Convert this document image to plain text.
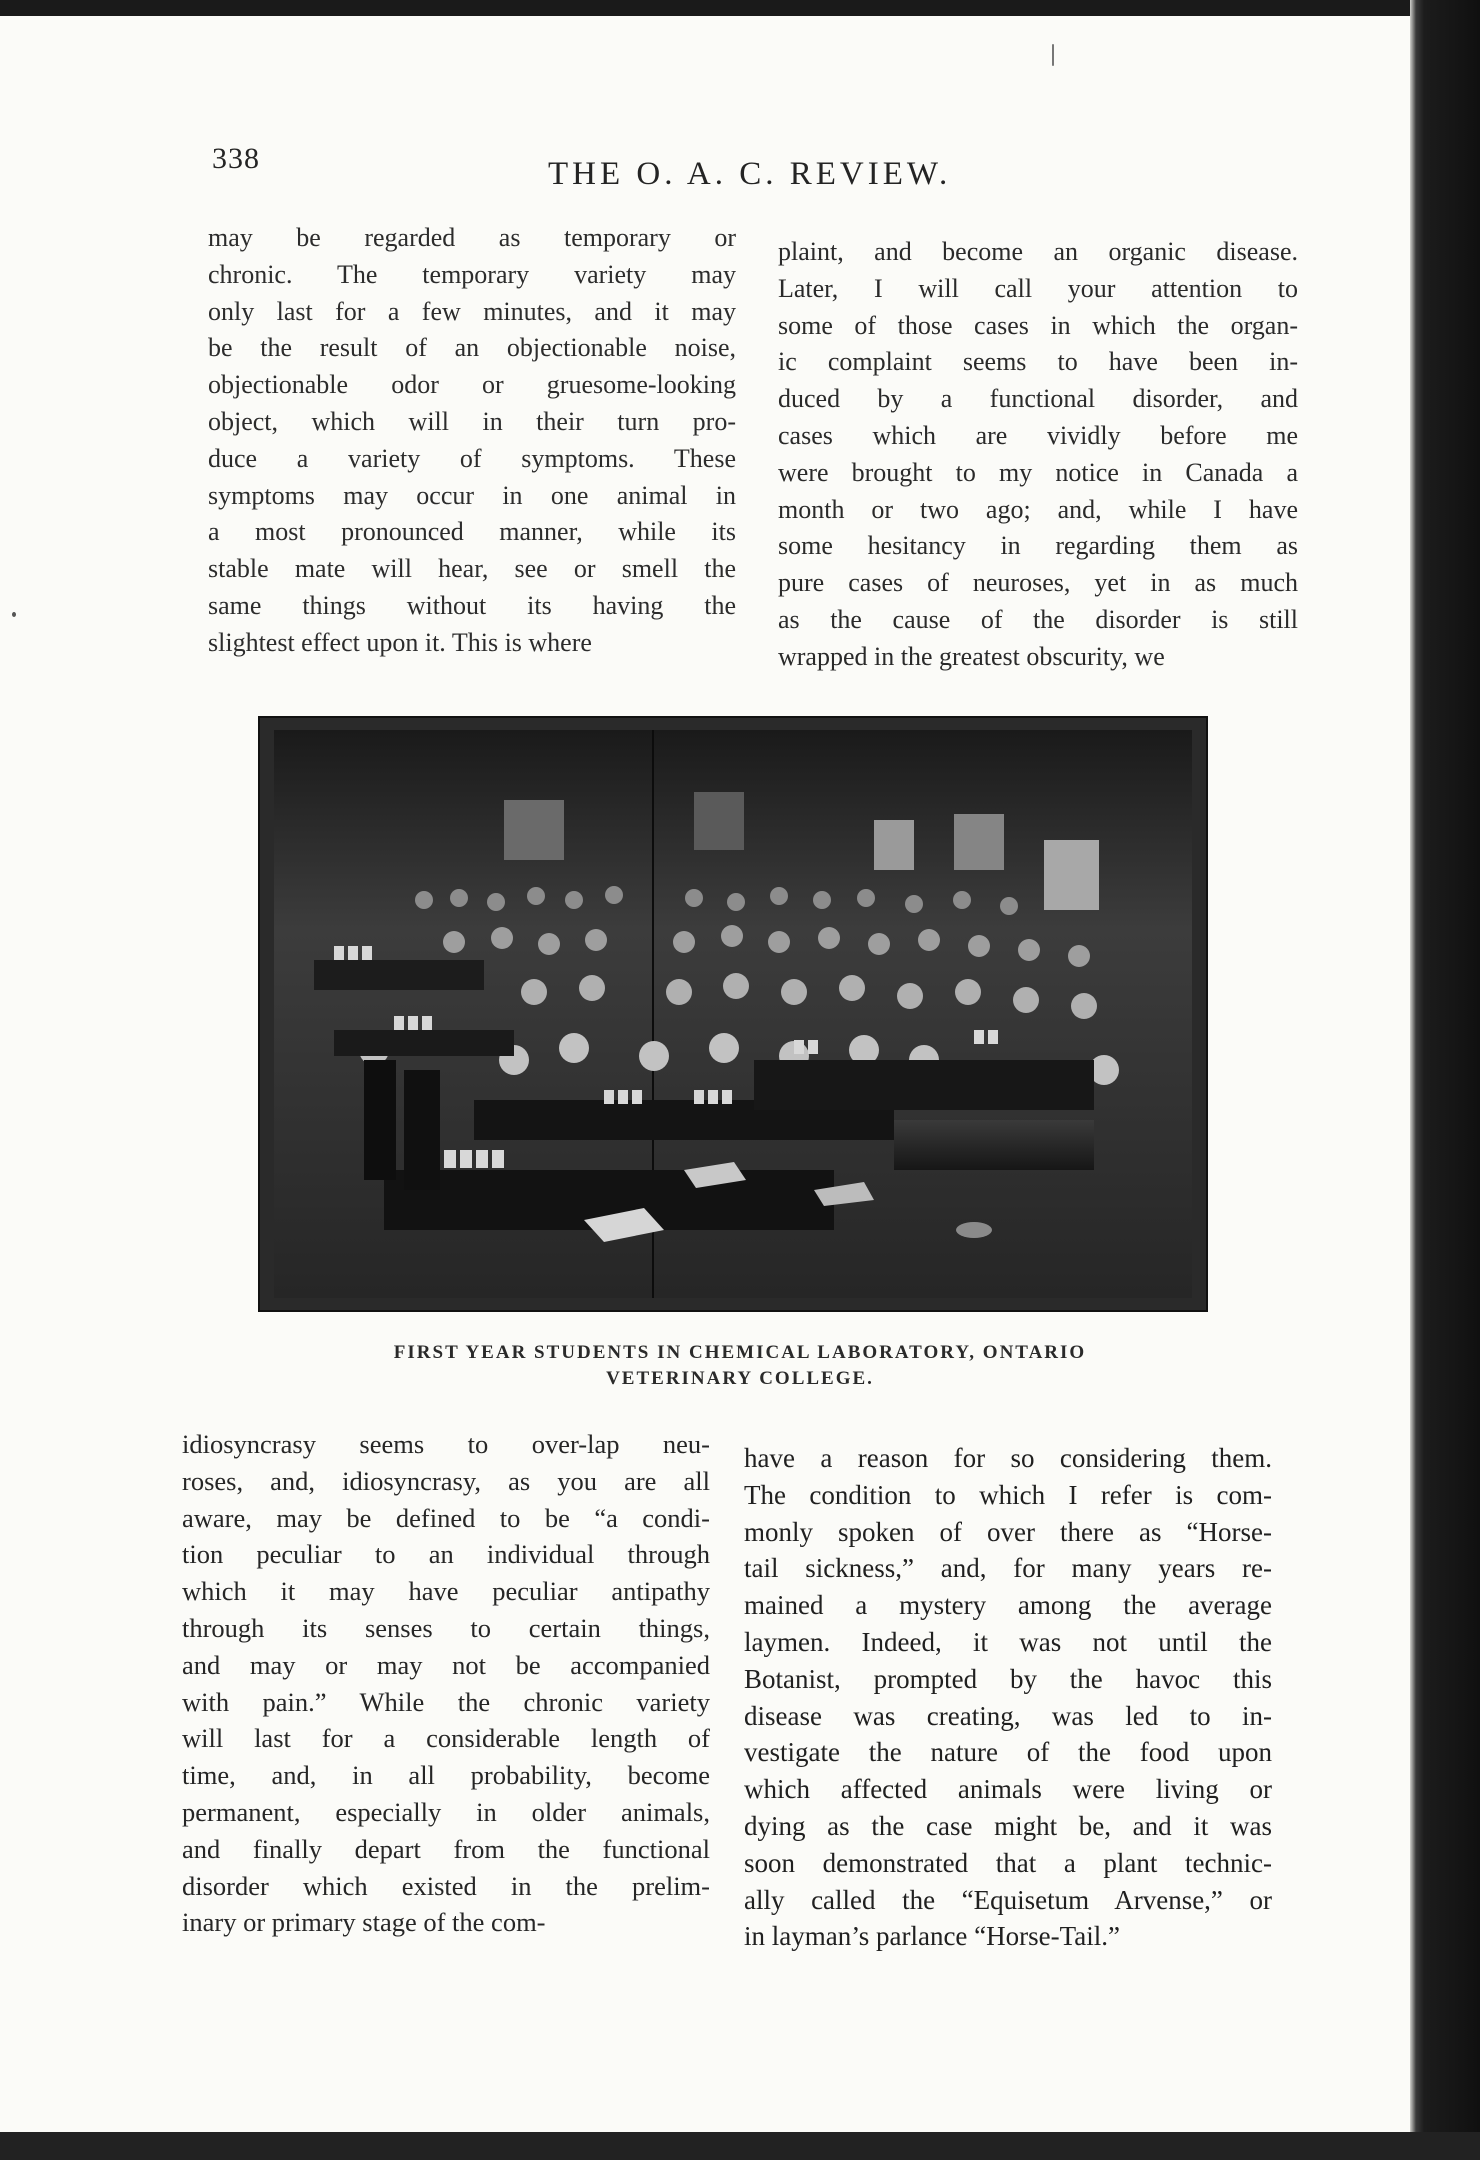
338	THE O. A. C. REVIEW.
may be regarded as temporary or
chronic. The temporary variety may
only last for a few minutes, and it may
be the result of an objectionable noise,
objectionable odor or gruesome-looking
object, which will in their turn pro-
duce a variety of symptoms. These
symptoms may occur in one animal in
a most pronounced manner, while its
stable mate will hear, see or smell the
same things without its having the
slightest effect upon it. This is where
plaint, and become an organic disease.
Later, I will call your attention to
some of those cases in which the organ-
ic complaint seems to have been in-
duced by a functional disorder, and
cases which are vividly before me
were brought to my notice in Canada a
month or two ago; and, while I have
some hesitancy in regarding them as
pure cases of neuroses, yet in as much
as the cause of the disorder is still
wrapped in the greatest obscurity, we
FIRST YEAR STUDENTS IN CHEMICAL LABORATORY, ONTARIO
VETERINARY COLLEGE.
idiosyncrasy seems to over-lap neu-
roses, and, idiosyncrasy, as you are all
aware, may be defined to be “a condi-
tion peculiar to an individual through
which it may have peculiar antipathy
through its senses to certain things,
and may or may not be accompanied
with pain.” While the chronic variety
will last for a considerable length of
time, and, in all probability, become
permanent, especially in older animals,
and finally depart from the functional
disorder which existed in the prelim-
inary or primary stage of the com-
have a reason for so considering them.
The condition to which I refer is com-
monly spoken of over there as “Horse-
tail sickness,” and, for many years re-
mained a mystery among the average
laymen. Indeed, it was not until the
Botanist, prompted by the havoc this
disease was creating, was led to in-
vestigate the nature of the food upon
which affected animals were living or
dying as the case might be, and it was
soon demonstrated that a plant technic-
ally called the “Equisetum Arvense,” or
in layman’s parlance “Horse-Tail.”
